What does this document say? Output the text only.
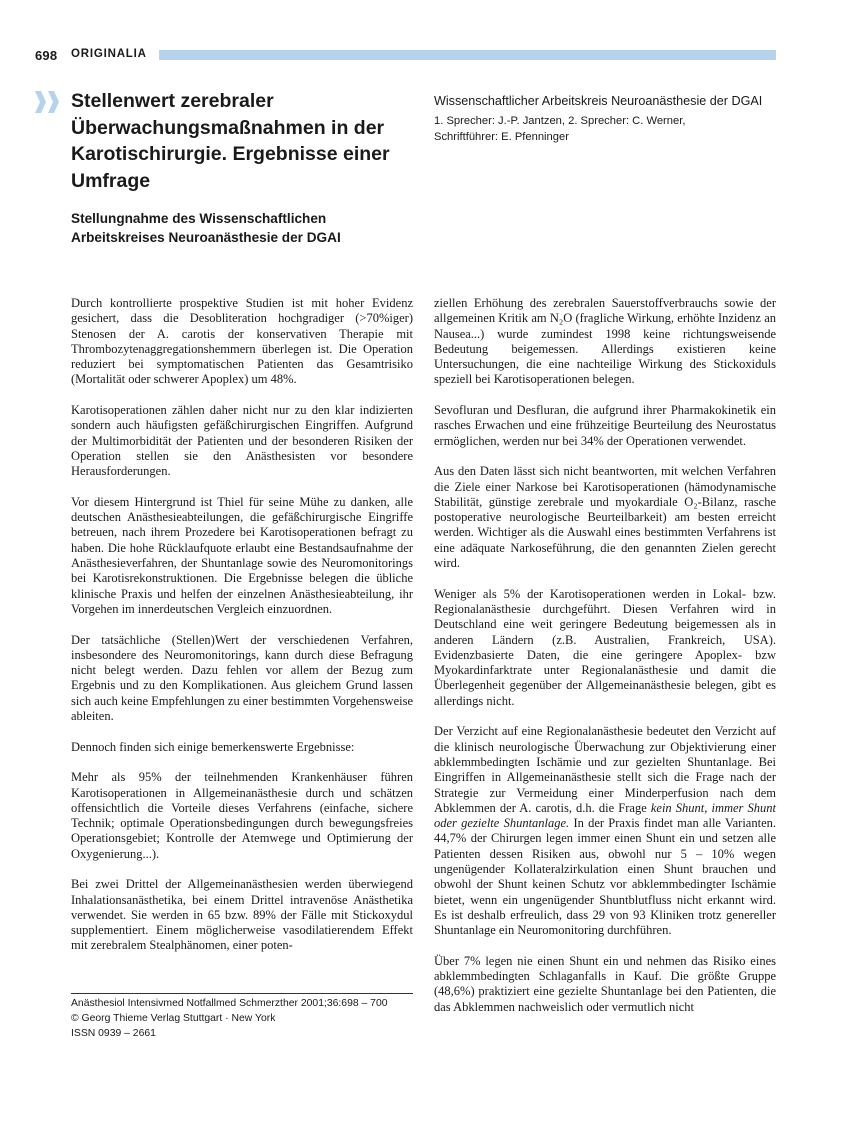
698 ORIGINALIA
Stellenwert zerebraler Überwachungsmaßnahmen in der Karotischirurgie. Ergebnisse einer Umfrage
Stellungnahme des Wissenschaftlichen Arbeitskreises Neuroanästhesie der DGAI
Wissenschaftlicher Arbeitskreis Neuroanästhesie der DGAI
1. Sprecher: J.-P. Jantzen, 2. Sprecher: C. Werner,
Schriftführer: E. Pfenninger

Durch kontrollierte prospektive Studien ist mit hoher Evidenz gesichert, dass die Desobliteration hochgradiger (>70%iger) Stenosen der A. carotis der konservativen Therapie mit Thrombozytenaggregationshemmern überlegen ist. Die Operation reduziert bei symptomatischen Patienten das Gesamtrisiko (Mortalität oder schwerer Apoplex) um 48%.

Karotisoperationen zählen daher nicht nur zu den klar indizierten sondern auch häufigsten gefäßchirurgischen Eingriffen. Aufgrund der Multimorbidität der Patienten und der besonderen Risiken der Operation stellen sie den Anästhesisten vor besondere Herausforderungen.

Vor diesem Hintergrund ist Thiel für seine Mühe zu danken, alle deutschen Anästhesieabteilungen, die gefäßchirurgische Eingriffe betreuen, nach ihrem Prozedere bei Karotisoperationen befragt zu haben. Die hohe Rücklaufquote erlaubt eine Bestandsaufnahme der Anästhesieverfahren, der Shuntanlage sowie des Neuromonitorings bei Karotisrekonstruktionen. Die Ergebnisse belegen die übliche klinische Praxis und helfen der einzelnen Anästhesieabteilung, ihr Vorgehen im innerdeutschen Vergleich einzuordnen.

Der tatsächliche (Stellen)Wert der verschiedenen Verfahren, insbesondere des Neuromonitorings, kann durch diese Befragung nicht belegt werden. Dazu fehlen vor allem der Bezug zum Ergebnis und zu den Komplikationen. Aus gleichem Grund lassen sich auch keine Empfehlungen zu einer bestimmten Vorgehensweise ableiten.

Dennoch finden sich einige bemerkenswerte Ergebnisse:

Mehr als 95% der teilnehmenden Krankenhäuser führen Karotisoperationen in Allgemeinanästhesie durch und schätzen offensichtlich die Vorteile dieses Verfahrens (einfache, sichere Technik; optimale Operationsbedingungen durch bewegungsfreies Operationsgebiet; Kontrolle der Atemwege und Optimierung der Oxygenierung...).

Bei zwei Drittel der Allgemeinanästhesien werden überwiegend Inhalationsanästhetika, bei einem Drittel intravenöse Anästhetika verwendet. Sie werden in 65 bzw. 89% der Fälle mit Stickoxydul supplementiert. Einem möglicherweise vasodilatierendem Effekt mit zerebralem Stealphänomen, einer poten-

ziellen Erhöhung des zerebralen Sauerstoffverbrauchs sowie der allgemeinen Kritik am N₂O (fragliche Wirkung, erhöhte Inzidenz an Nausea...) wurde zumindest 1998 keine richtungsweisende Bedeutung beigemessen. Allerdings existieren keine Untersuchungen, die eine nachteilige Wirkung des Stickoxiduls speziell bei Karotisoperationen belegen.

Sevofluran und Desfluran, die aufgrund ihrer Pharmakokinetik ein rasches Erwachen und eine frühzeitige Beurteilung des Neurostatus ermöglichen, werden nur bei 34% der Operationen verwendet.

Aus den Daten lässt sich nicht beantworten, mit welchen Verfahren die Ziele einer Narkose bei Karotisoperationen (hämodynamische Stabilität, günstige zerebrale und myokardiale O₂-Bilanz, rasche postoperative neurologische Beurteilbarkeit) am besten erreicht werden. Wichtiger als die Auswahl eines bestimmten Verfahrens ist eine adäquate Narkoseführung, die den genannten Zielen gerecht wird.

Weniger als 5% der Karotisoperationen werden in Lokal- bzw. Regionalanästhesie durchgeführt. Diesen Verfahren wird in Deutschland eine weit geringere Bedeutung beigemessen als in anderen Ländern (z.B. Australien, Frankreich, USA). Evidenzbasierte Daten, die eine geringere Apoplex- bzw Myokardinfarktrate unter Regionalanästhesie und damit die Überlegenheit gegenüber der Allgemeinanästhesie belegen, gibt es allerdings nicht.

Der Verzicht auf eine Regionalanästhesie bedeutet den Verzicht auf die klinisch neurologische Überwachung zur Objektivierung einer abklemmbedingten Ischämie und zur gezielten Shuntanlage. Bei Eingriffen in Allgemeinanästhesie stellt sich die Frage nach der Strategie zur Vermeidung einer Minderperfusion nach dem Abklemmen der A. carotis, d.h. die Frage kein Shunt, immer Shunt oder gezielte Shuntanlage. In der Praxis findet man alle Varianten. 44,7% der Chirurgen legen immer einen Shunt ein und setzen alle Patienten dessen Risiken aus, obwohl nur 5 – 10% wegen ungenügender Kollateralzirkulation einen Shunt brauchen und obwohl der Shunt keinen Schutz vor abklemmbedingter Ischämie bietet, wenn ein ungenügender Shuntblutfluss nicht erkannt wird. Es ist deshalb erfreulich, dass 29 von 93 Kliniken trotz genereller Shuntanlage ein Neuromonitoring durchführen.

Über 7% legen nie einen Shunt ein und nehmen das Risiko eines abklemmbedingten Schlaganfalls in Kauf. Die größte Gruppe (48,6%) praktiziert eine gezielte Shuntanlage bei den Patienten, die das Abklemmen nachweislich oder vermutlich nicht

Anästhesiol Intensivmed Notfallmed Schmerzther 2001;36:698 – 700
© Georg Thieme Verlag Stuttgart · New York
ISSN 0939 – 2661
